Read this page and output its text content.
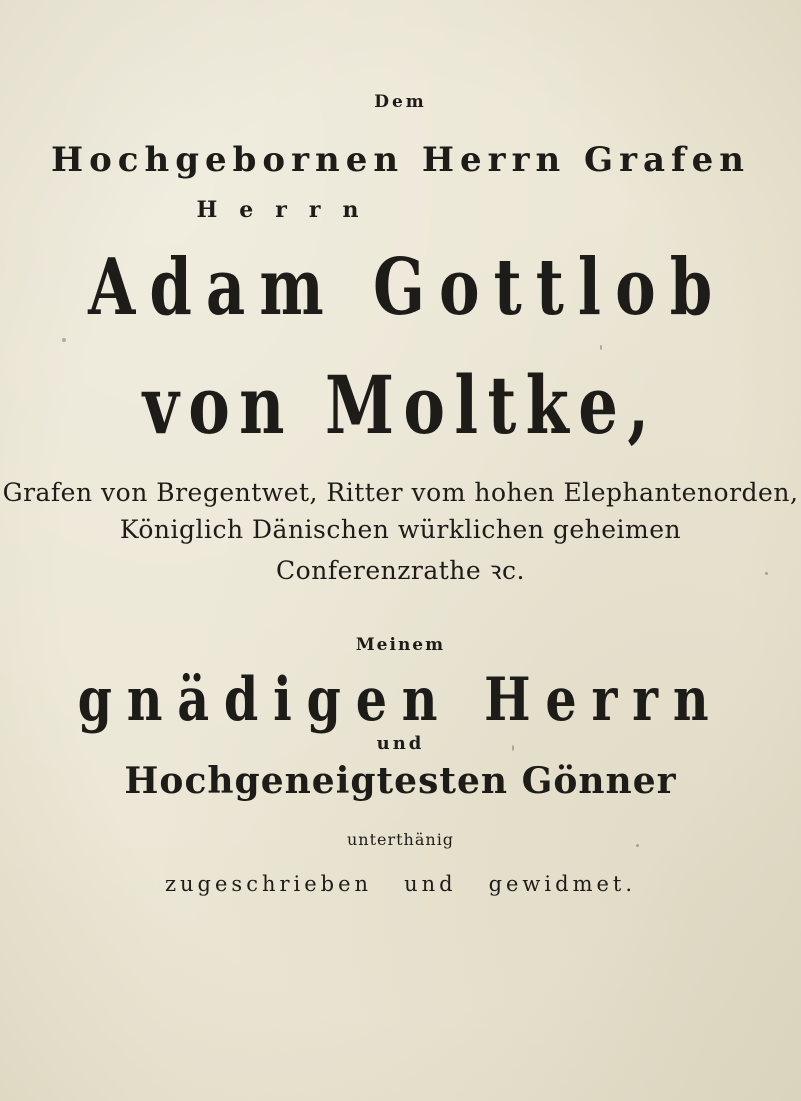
Dem
Hochgebornen Herrn Grafen
Herrn
Adam Gottlob
von Moltke,
Grafen von Bregentwet, Ritter vom hohen Elephantenorden,
Königlich Dänischen würklichen geheimen
Conferenzrathe ꝛc.
Meinem
gnädigen Herrn
und
Hochgeneigtesten Gönner
unterthänig
zugeschrieben und gewidmet.
